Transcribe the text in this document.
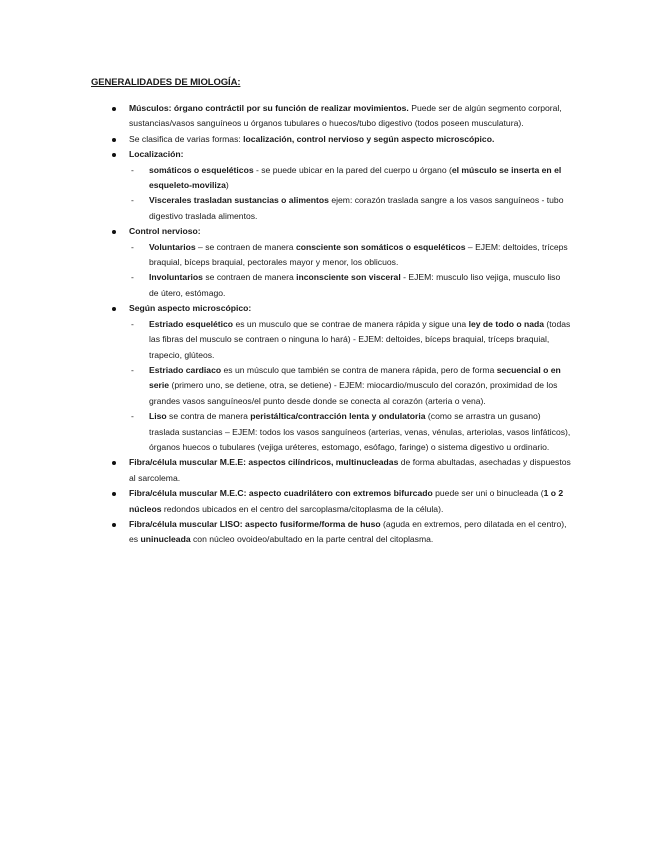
GENERALIDADES DE MIOLOGÍA:
Músculos: órgano contráctil por su función de realizar movimientos. Puede ser de algún segmento corporal, sustancias/vasos sanguíneos u órganos tubulares o huecos/tubo digestivo (todos poseen musculatura).
Se clasifica de varias formas: localización, control nervioso y según aspecto microscópico.
Localización:
- somáticos o esqueléticos - se puede ubicar en la pared del cuerpo u órgano (el músculo se inserta en el esqueleto-moviliza)
- Viscerales trasladan sustancias o alimentos ejem: corazón traslada sangre a los vasos sanguíneos - tubo digestivo traslada alimentos.
Control nervioso:
- Voluntarios – se contraen de manera consciente son somáticos o esqueléticos – EJEM: deltoides, tríceps braquial, bíceps braquial, pectorales mayor y menor, los oblicuos.
- Involuntarios se contraen de manera inconsciente son visceral - EJEM: musculo liso vejiga, musculo liso de útero, estómago.
Según aspecto microscópico:
- Estriado esquelético es un musculo que se contrae de manera rápida y sigue una ley de todo o nada (todas las fibras del musculo se contraen o ninguna lo hará) - EJEM: deltoides, bíceps braquial, tríceps braquial, trapecio, glúteos.
- Estriado cardiaco es un músculo que también se contra de manera rápida, pero de forma secuencial o en serie (primero uno, se detiene, otra, se detiene) - EJEM: miocardio/musculo del corazón, proximidad de los grandes vasos sanguíneos/el punto desde donde se conecta al corazón (arteria o vena).
- Liso se contra de manera peristáltica/contracción lenta y ondulatoria (como se arrastra un gusano) traslada sustancias – EJEM: todos los vasos sanguíneos (arterias, venas, vénulas, arteriolas, vasos linfáticos), órganos huecos o tubulares (vejiga uréteres, estomago, esófago, faringe) o sistema digestivo u ordinario.
Fibra/célula muscular M.E.E: aspectos cilíndricos, multinucleadas de forma abultadas, asechadas y dispuestos al sarcolema.
Fibra/célula muscular M.E.C: aspecto cuadrilátero con extremos bifurcado puede ser uni o binucleada (1 o 2 núcleos redondos ubicados en el centro del sarcoplasma/citoplasma de la célula).
Fibra/célula muscular LISO: aspecto fusiforme/forma de huso (aguda en extremos, pero dilatada en el centro), es uninucleada con núcleo ovoideo/abultado en la parte central del citoplasma.
